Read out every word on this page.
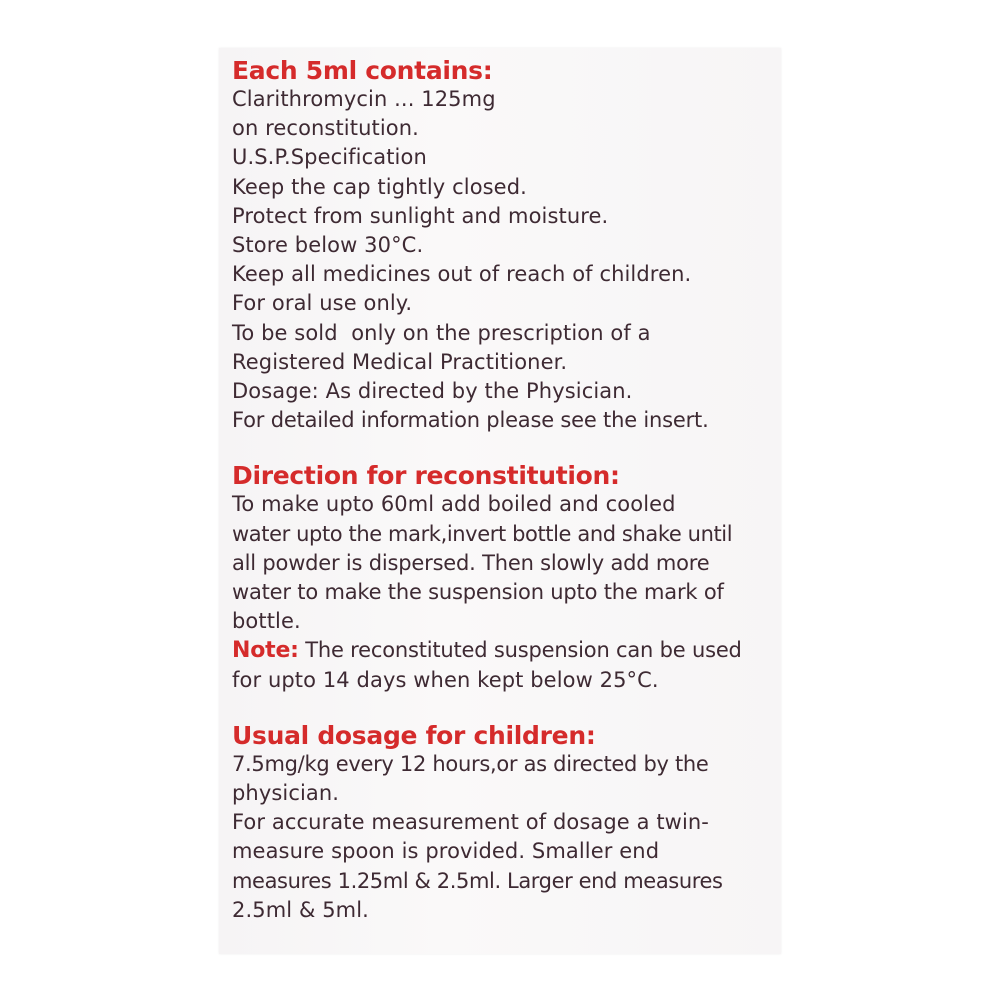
Each 5ml contains:

Clarithromycin ... 125mg

on reconstitution.

U.S.P.Specification

Keep the cap tightly closed.

Protect from sunlight and moisture.

Store below 30°C.

Keep all medicines out of reach of children.

For oral use only.

To be sold  only on the prescription of a

Registered Medical Practitioner.

Dosage: As directed by the Physician.

For detailed information please see the insert.

Direction for reconstitution:

To make upto 60ml add boiled and cooled

water upto the mark,invert bottle and shake until

all powder is dispersed. Then slowly add more

water to make the suspension upto the mark of

bottle.

Note: The reconstituted suspension can be used

for upto 14 days when kept below 25°C.

Usual dosage for children:

7.5mg/kg every 12 hours,or as directed by the

physician.

For accurate measurement of dosage a twin-

measure spoon is provided. Smaller end

measures 1.25ml & 2.5ml. Larger end measures

2.5ml & 5ml.
